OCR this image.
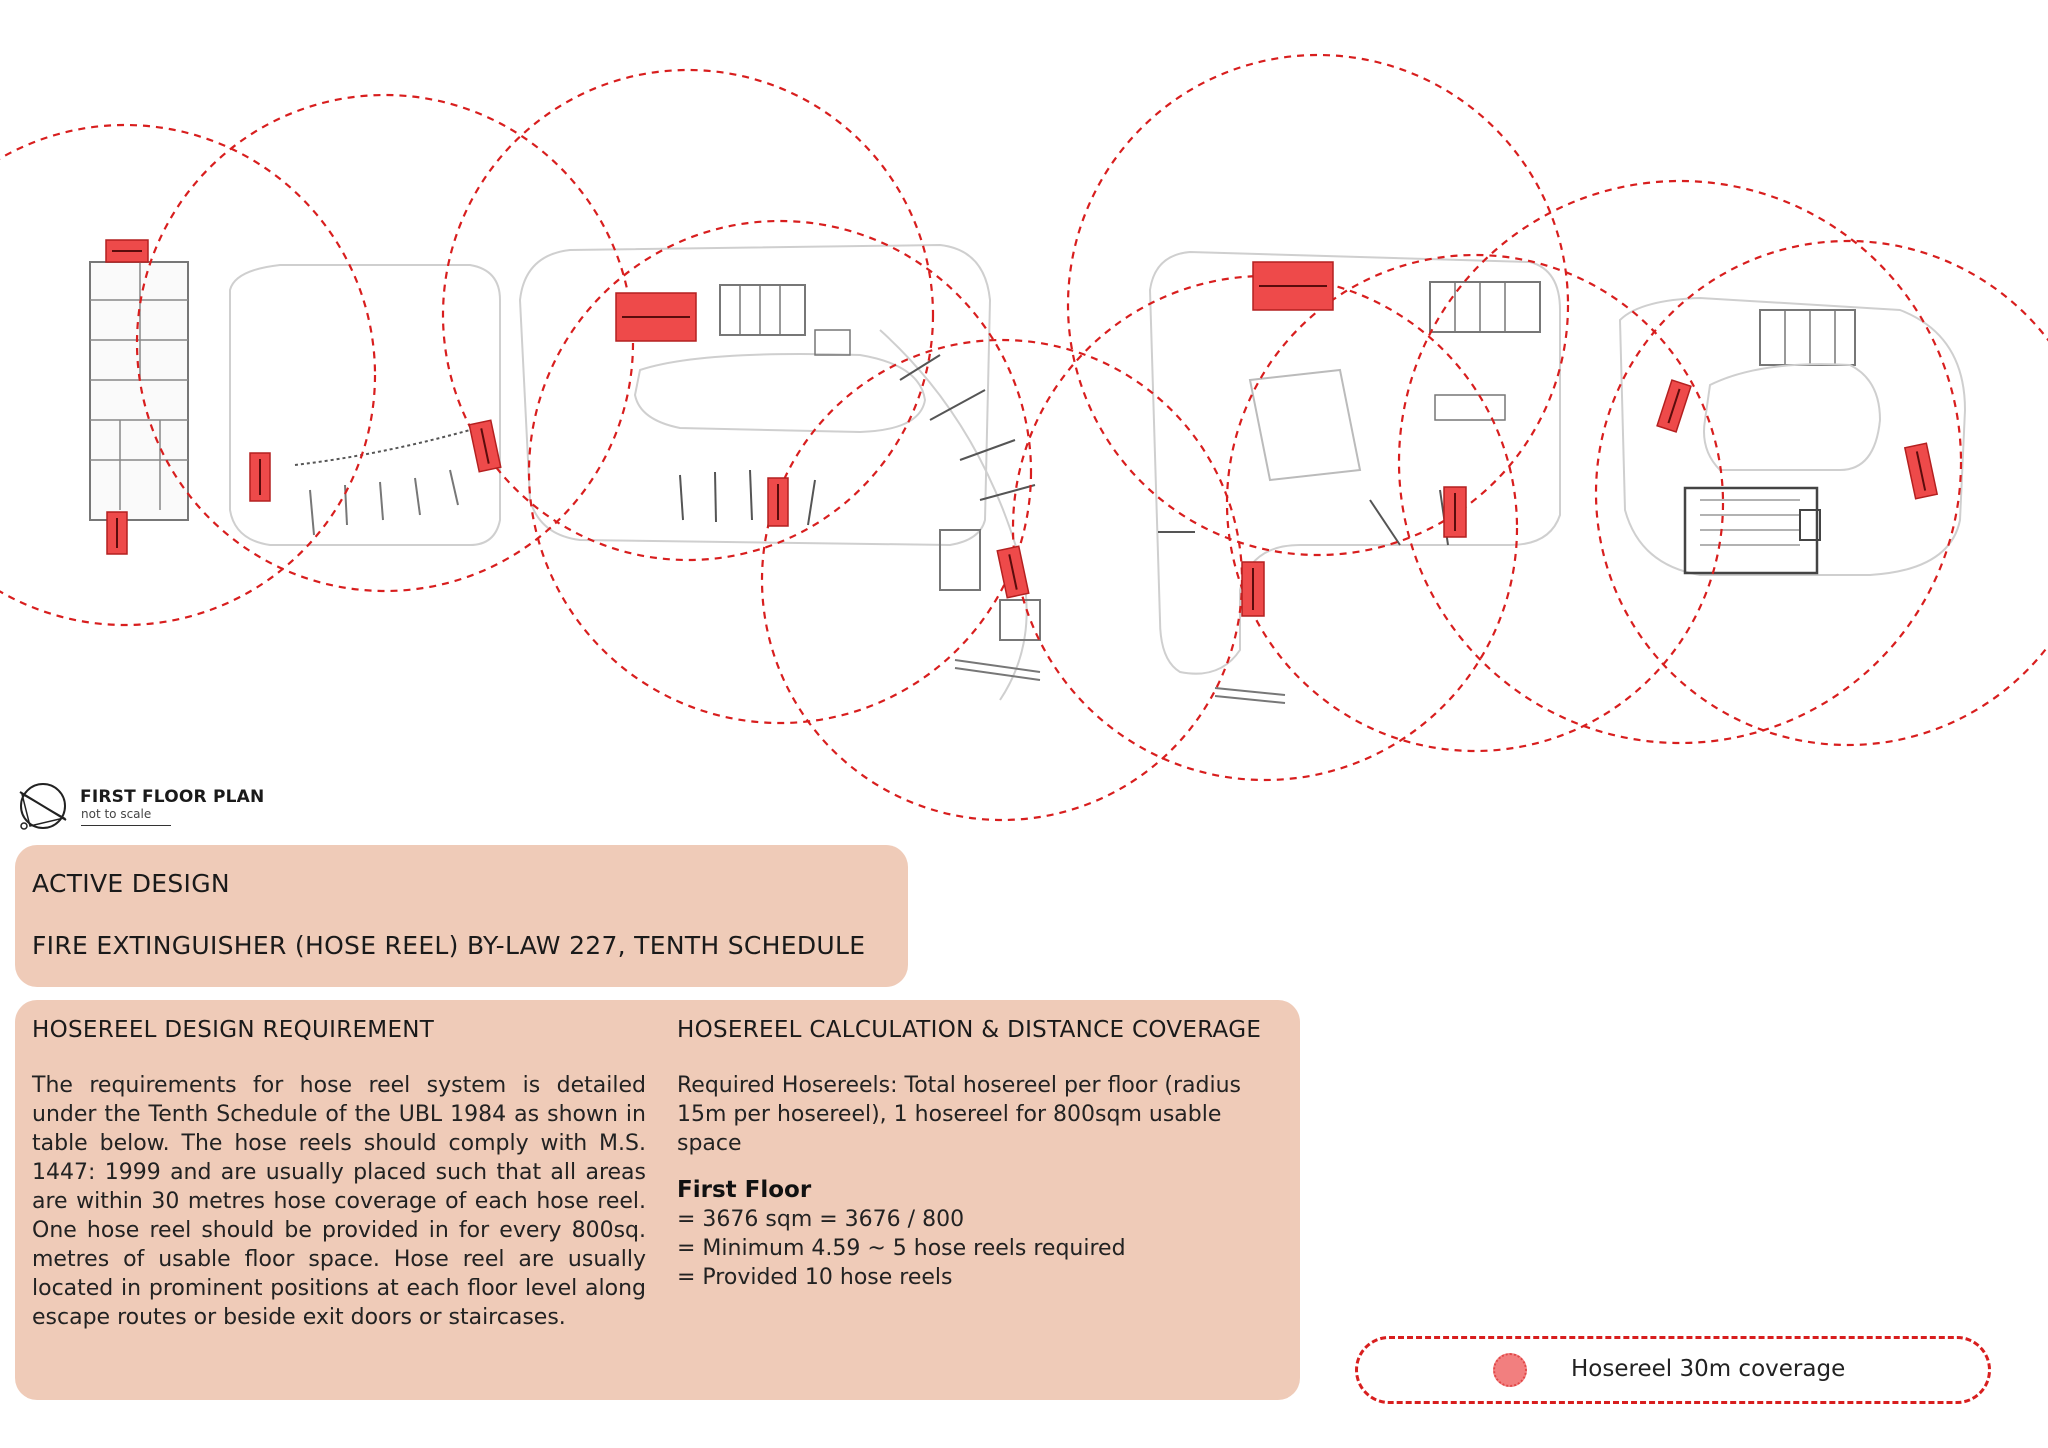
FIRST FLOOR PLAN
not to scale
ACTIVE DESIGN
FIRE EXTINGUISHER (HOSE REEL) BY-LAW 227, TENTH SCHEDULE

HOSEREEL DESIGN REQUIREMENT

The requirements for hose reel system is detailed under the Tenth Schedule of the UBL 1984 as shown in table below. The hose reels should comply with M.S. 1447: 1999 and are usually placed such that all areas are within 30 metres hose coverage of each hose reel. One hose reel should be provided in for every 800sq. metres of usable floor space. Hose reel are usually located in prominent positions at each floor level along escape routes or beside exit doors or staircases.

HOSEREEL CALCULATION & DISTANCE COVERAGE

Required Hosereels: Total hosereel per floor (radius 15m per hosereel), 1 hosereel for 800sqm usable space

First Floor

= 3676 sqm = 3676 / 800

= Minimum 4.59 ~ 5 hose reels required

= Provided 10 hose reels

Hosereel 30m coverage
